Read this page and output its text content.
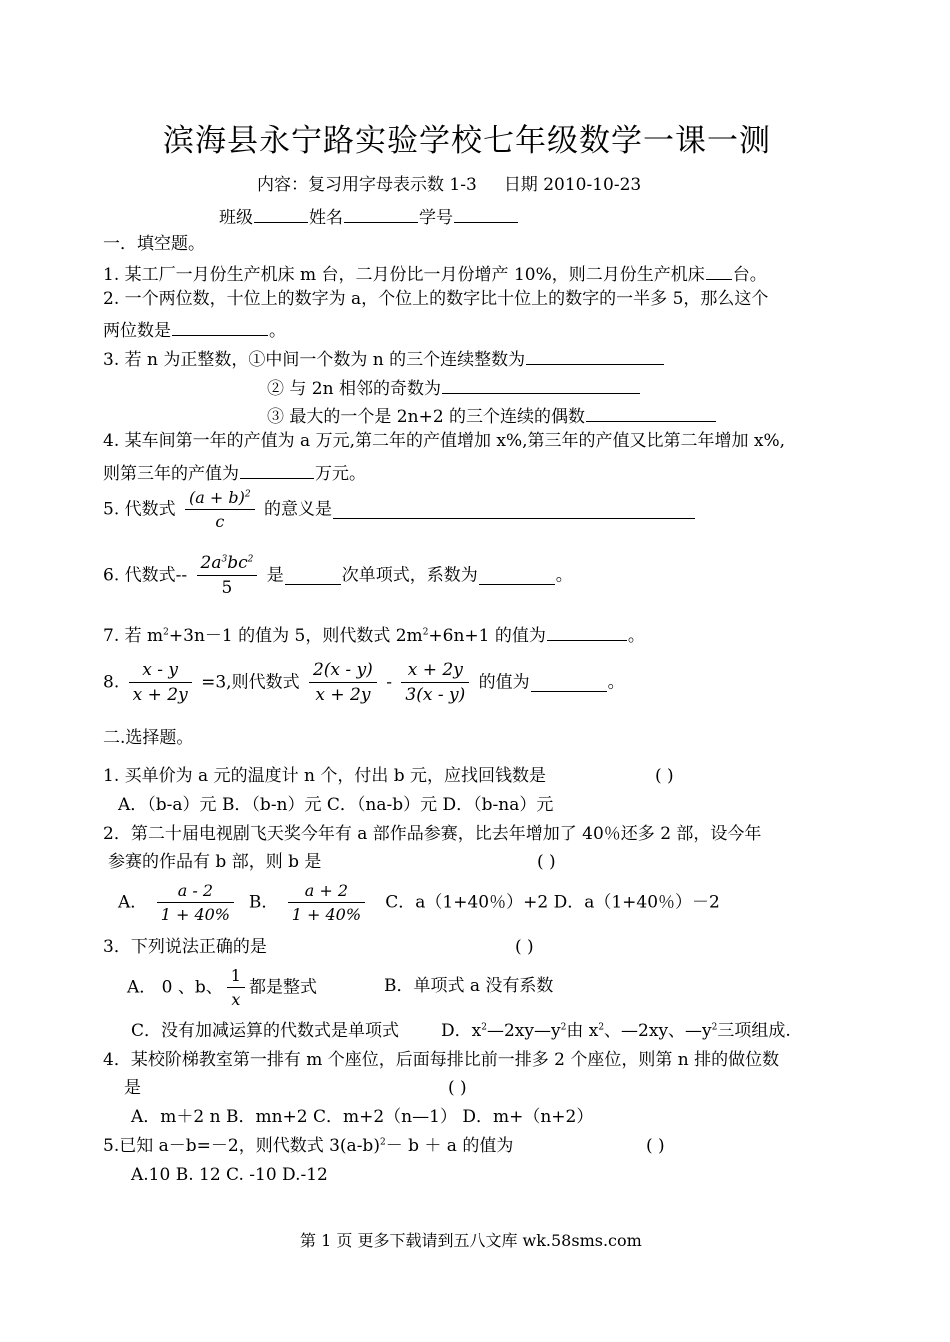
滨海县永宁路实验学校七年级数学一课一测
内容：复习用字母表示数 1-3 日期 2010-10-23
班级	姓名	学号
一．填空题。
1. 某工厂一月份生产机床 m 台，二月份比一月份增产 10%，则二月份生产机床 台。
2. 一个两位数，十位上的数字为 a，个位上的数字比十位上的数字的一半多 5，那么这个
两位数是	。
3. 若 n 为正整数，①中间一个数为 n 的三个连续整数为
② 与 2n 相邻的奇数为
③ 最大的一个是 2n+2 的三个连续的偶数
4. 某车间第一年的产值为 a 万元,第二年的产值增加 x%,第三年的产值又比第二年增加 x%,
则第三年的产值为	万元。
5. 代数式 $\frac{(a + b)^2}{c}$ 的意义是
6. 代数式-- $\frac{2a^3bc^2}{5}$ 是	次单项式，系数为	。
7. 若 $m^2+3n-1$ 的值为 5，则代数式 $2m^2+6n+1$ 的值为	。
8. $\frac{x - y}{x + 2y} =3$,则代数式 $\frac{2(x - y)}{x + 2y} - \frac{x + 2y}{3(x - y)}$ 的值为	。
二.选择题。
1. 买单价为 a 元的温度计 n 个，付出 b 元，应找回钱数是	( )
A．（b-a）元 B．（b-n）元 C．（na-b）元 D．（b-na）元
2．第二十届电视剧飞天奖今年有 a 部作品参赛，比去年增加了 40％还多 2 部，设今年
参赛的作品有 b 部，则 b 是	( )
A． $\frac{a - 2}{1 + 40\%}$ B． $\frac{a + 2}{1 + 40\%}$ C．a（1+40％）+2 D．a（1+40％）－2
3．下列说法正确的是	( )
A． 0 、b、 $\frac{1}{x}$ 都是整式	B．单项式 a 没有系数
C．没有加减运算的代数式是单项式 D．$x^2—2xy—y^2$由 $x^2$、—2xy、$—y^2$三项组成.
4．某校阶梯教室第一排有 m 个座位，后面每排比前一排多 2 个座位，则第 n 排的做位数
是	( )
A．m＋2 n B．mn+2 C．m+2（n—1） D．m+（n+2）
5.已知 a－b=－2，则代数式 $3(a-b)^2- b + a$ 的值为	( )
A.10 B. 12 C. -10 D.-12
第 1 页 更多下载请到五八文库 wk.58sms.com
